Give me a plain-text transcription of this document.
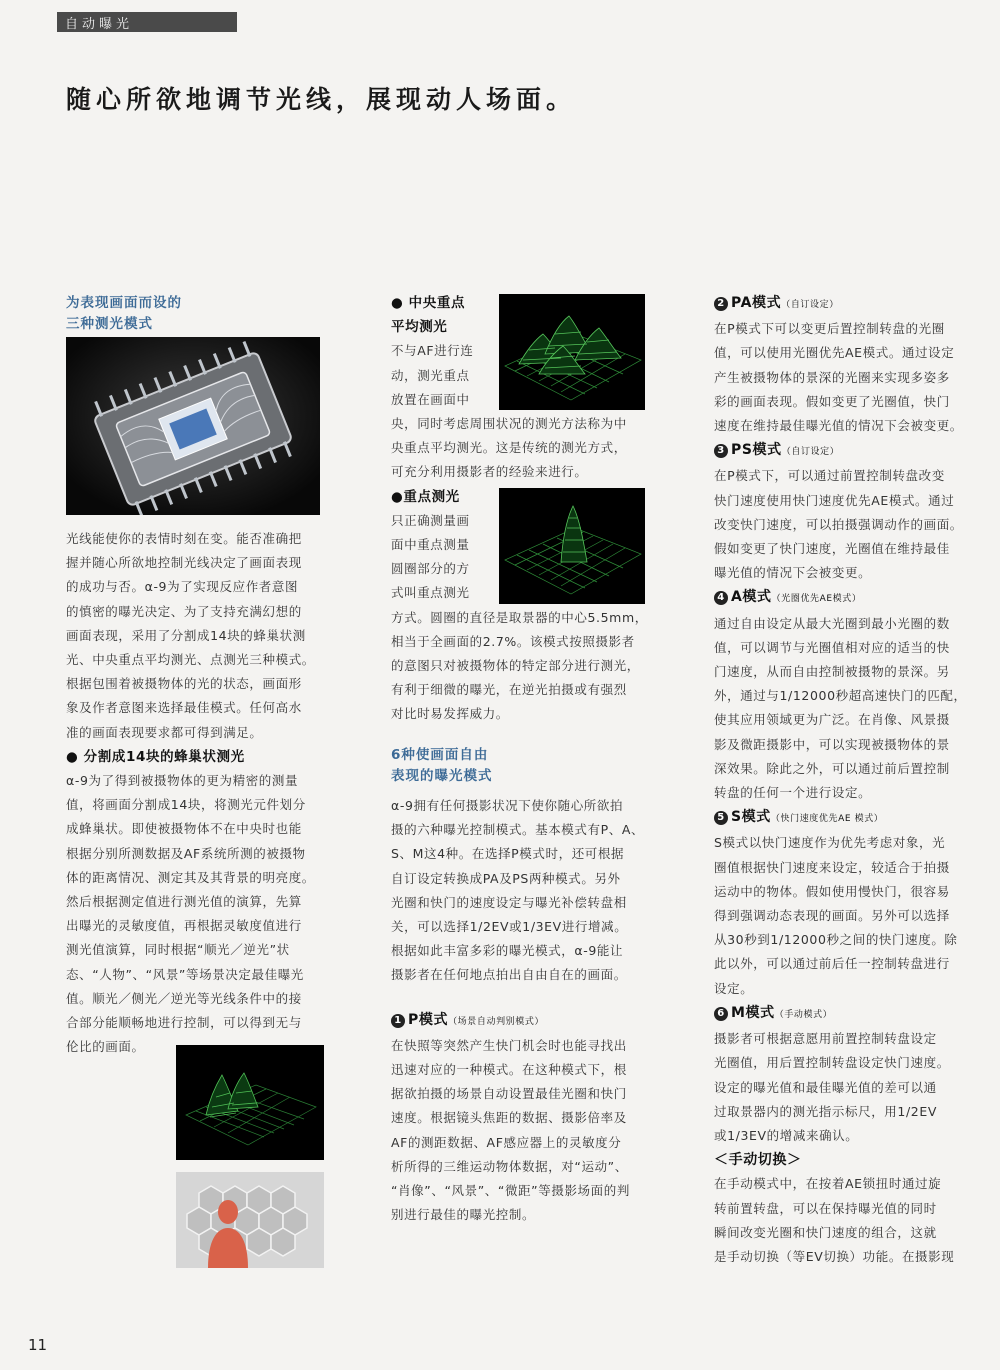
自动曝光
随心所欲地调节光线，展现动人场面。
为表现画面而设的
三种测光模式

光线能使你的表情时刻在变。能否准确把

握并随心所欲地控制光线决定了画面表现

的成功与否。α-9为了实现反应作者意图

的慎密的曝光决定、为了支持充满幻想的

画面表现，采用了分割成14块的蜂巢状测

光、中央重点平均测光、点测光三种模式。

根据包围着被摄物体的光的状态，画面形

象及作者意图来选择最佳模式。任何高水

准的画面表现要求都可得到满足。

● 分割成14块的蜂巢状测光

α-9为了得到被摄物体的更为精密的测量

值，将画面分割成14块，将测光元件划分

成蜂巢状。即使被摄物体不在中央时也能

根据分别所测数据及AF系统所测的被摄物

体的距离情况、测定其及其背景的明亮度。

然后根据测定值进行测光值的演算，先算

出曝光的灵敏度值，再根据灵敏度值进行

测光值演算，同时根据“顺光／逆光”状

态、“人物”、“风景”等场景决定最佳曝光

值。顺光／侧光／逆光等光线条件中的接

合部分能顺畅地进行控制，可以得到无与

伦比的画面。

● 中央重点

平均测光

不与AF进行连

动，测光重点

放置在画面中

央，同时考虑周围状况的测光方法称为中

央重点平均测光。这是传统的测光方式，

可充分利用摄影者的经验来进行。

●重点测光

只正确测量画

面中重点测量

圆圈部分的方

式叫重点测光

方式。圆圈的直径是取景器的中心5.5mm，

相当于全画面的2.7%。该模式按照摄影者

的意图只对被摄物体的特定部分进行测光，

有利于细微的曝光，在逆光拍摄或有强烈

对比时易发挥威力。

6种使画面自由
表现的曝光模式

α-9拥有任何摄影状况下使你随心所欲拍

摄的六种曝光控制模式。基本模式有P、A、

S、M这4种。在选择P模式时，还可根据

自订设定转换成PA及PS两种模式。另外

光圈和快门的速度设定与曝光补偿转盘相

关，可以选择1/2EV或1/3EV进行增减。

根据如此丰富多彩的曝光模式，α-9能让

摄影者在任何地点拍出自由自在的画面。

1 P模式（场景自动判别模式）

在快照等突然产生快门机会时也能寻找出

迅速对应的一种模式。在这种模式下，根

据欲拍摄的场景自动设置最佳光圈和快门

速度。根据镜头焦距的数据、摄影倍率及

AF的测距数据、AF感应器上的灵敏度分

析所得的三维运动物体数据，对“运动”、

“肖像”、“风景”、“微距”等摄影场面的判

别进行最佳的曝光控制。

2 PA模式（自订设定）

在P模式下可以变更后置控制转盘的光圈

值，可以使用光圈优先AE模式。通过设定

产生被摄物体的景深的光圈来实现多姿多

彩的画面表现。假如变更了光圈值，快门

速度在维持最佳曝光值的情况下会被变更。

3 PS模式（自订设定）

在P模式下，可以通过前置控制转盘改变

快门速度使用快门速度优先AE模式。通过

改变快门速度，可以拍摄强调动作的画面。

假如变更了快门速度，光圈值在维持最佳

曝光值的情况下会被变更。

4 A模式（光圈优先AE模式）

通过自由设定从最大光圈到最小光圈的数

值，可以调节与光圈值相对应的适当的快

门速度，从而自由控制被摄物的景深。另

外，通过与1/12000秒超高速快门的匹配，

使其应用领域更为广泛。在肖像、风景摄

影及微距摄影中，可以实现被摄物体的景

深效果。除此之外，可以通过前后置控制

转盘的任何一个进行设定。

5 S模式（快门速度优先AE 模式）

S模式以快门速度作为优先考虑对象，光

圈值根据快门速度来设定，较适合于拍摄

运动中的物体。假如使用慢快门，很容易

得到强调动态表现的画面。另外可以选择

从30秒到1/12000秒之间的快门速度。除

此以外，可以通过前后任一控制转盘进行

设定。

6 M模式（手动模式）

摄影者可根据意愿用前置控制转盘设定

光圈值，用后置控制转盘设定快门速度。

设定的曝光值和最佳曝光值的差可以通

过取景器内的测光指示标尺，用1/2EV

或1/3EV的增减来确认。

＜手动切换＞

在手动模式中，在按着AE锁扭时通过旋

转前置转盘，可以在保持曝光值的同时

瞬间改变光圈和快门速度的组合，这就

是手动切换（等EV切换）功能。在摄影现

11
